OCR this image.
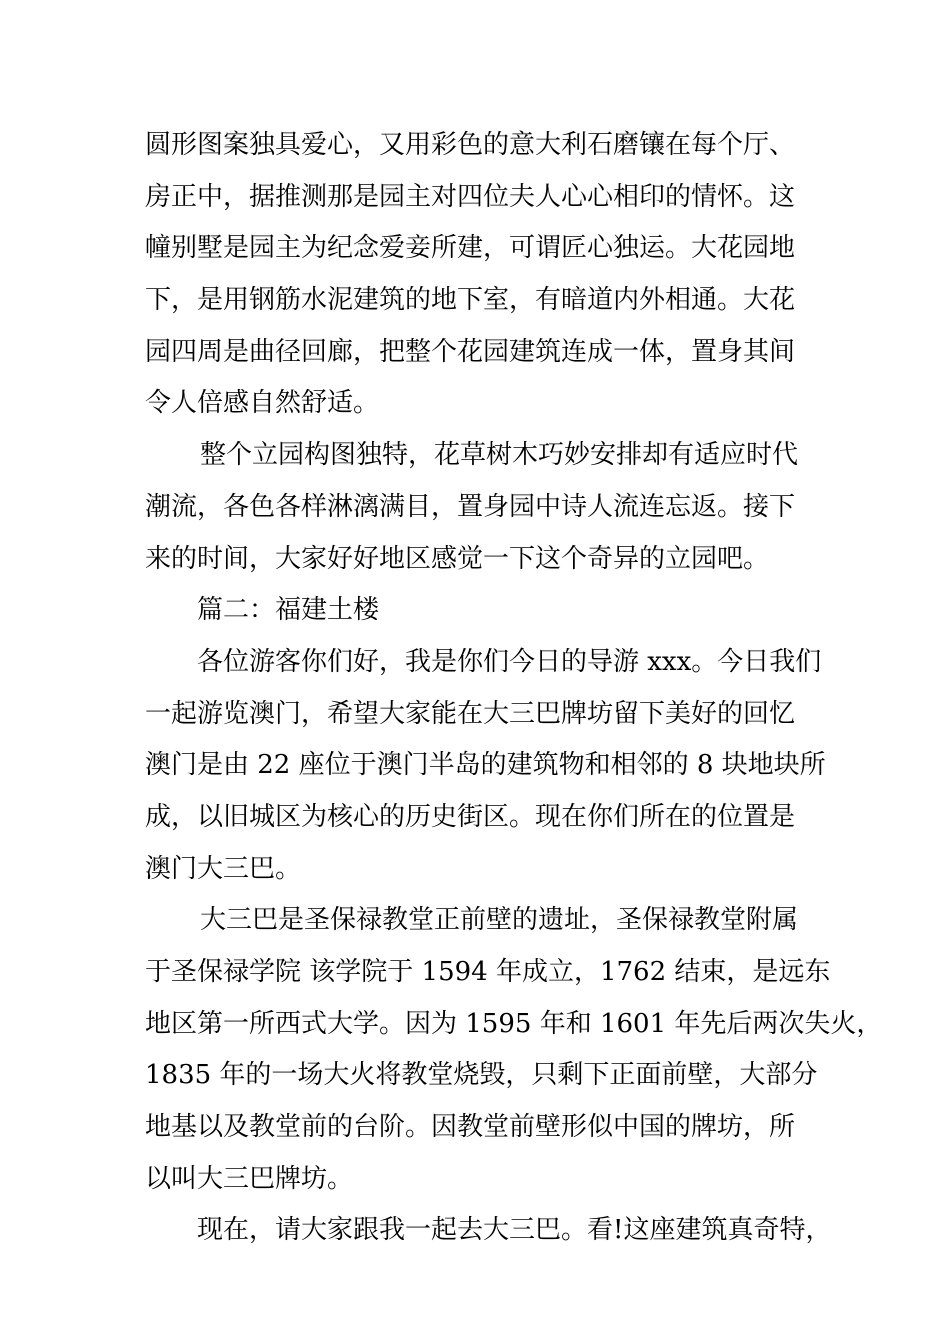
圆形图案独具爱心，又用彩色的意大利石磨镶在每个厅、
房正中，据推测那是园主对四位夫人心心相印的情怀。这
幢别墅是园主为纪念爱妾所建，可谓匠心独运。大花园地
下，是用钢筋水泥建筑的地下室，有暗道内外相通。大花
园四周是曲径回廊，把整个花园建筑连成一体，置身其间
令人倍感自然舒适。
整个立园构图独特，花草树木巧妙安排却有适应时代
潮流，各色各样淋漓满目，置身园中诗人流连忘返。接下
来的时间，大家好好地区感觉一下这个奇异的立园吧。
篇二：福建土楼
各位游客你们好，我是你们今日的导游 xxx。今日我们
一起游览澳门，希望大家能在大三巴牌坊留下美好的回忆
澳门是由 22 座位于澳门半岛的建筑物和相邻的 8 块地块所
成，以旧城区为核心的历史街区。现在你们所在的位置是
澳门大三巴。
大三巴是圣保禄教堂正前壁的遗址，圣保禄教堂附属
于圣保禄学院 该学院于 1594 年成立，1762 结束，是远东
地区第一所西式大学。因为 1595 年和 1601 年先后两次失火，
1835 年的一场大火将教堂烧毁，只剩下正面前壁，大部分
地基以及教堂前的台阶。因教堂前壁形似中国的牌坊，所
以叫大三巴牌坊。
现在，请大家跟我一起去大三巴。看!这座建筑真奇特，
